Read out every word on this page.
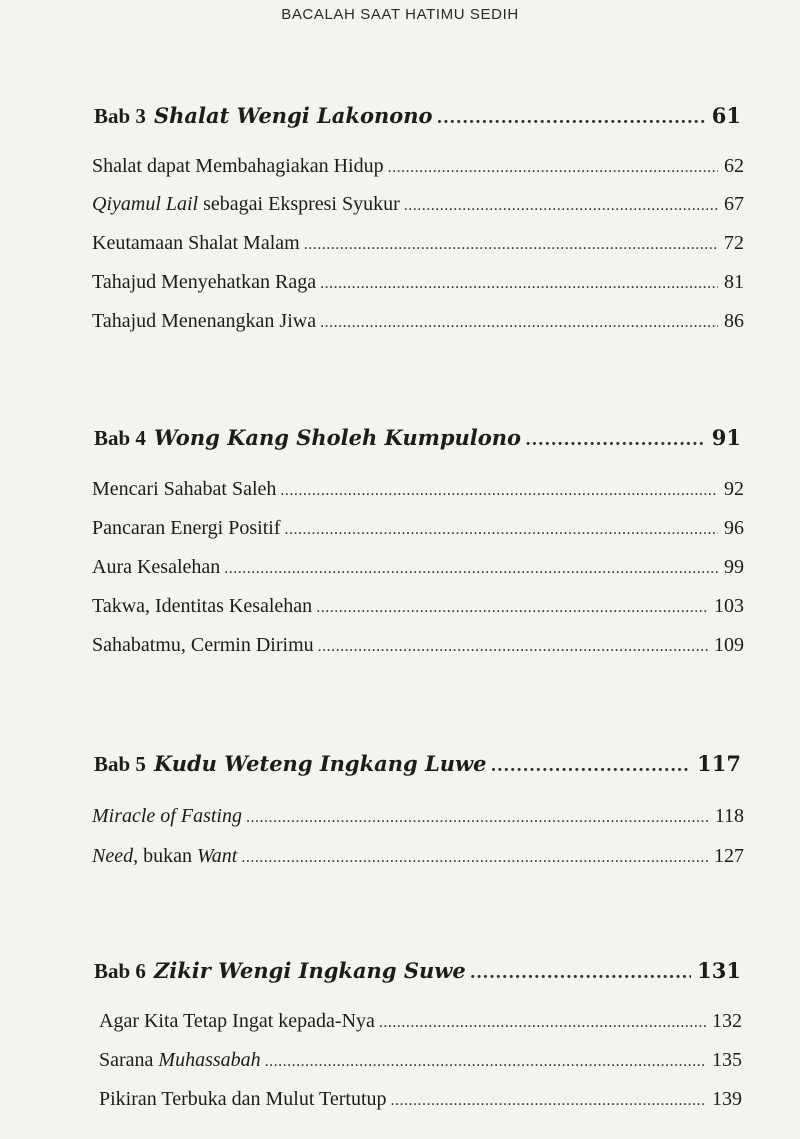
BACALAH SAAT HATIMU SEDIH
Bab 3 Shalat Wengi Lakonono .....	61
Shalat dapat Membahagiakan Hidup .....	62
Qiyamul Lail sebagai Ekspresi Syukur .....	67
Keutamaan Shalat Malam .....	72
Tahajud Menyehatkan Raga .....	81
Tahajud Menenangkan Jiwa .....	86
Bab 4 Wong Kang Sholeh Kumpulono .....	91
Mencari Sahabat Saleh .....	92
Pancaran Energi Positif .....	96
Aura Kesalehan .....	99
Takwa, Identitas Kesalehan .....	103
Sahabatmu, Cermin Dirimu .....	109
Bab 5 Kudu Weteng Ingkang Luwe .....	117
Miracle of Fasting .....	118
Need, bukan Want .....	127
Bab 6 Zikir Wengi Ingkang Suwe .....	131
Agar Kita Tetap Ingat kepada-Nya .....	132
Sarana Muhassabah .....	135
Pikiran Terbuka dan Mulut Tertutup .....	139
